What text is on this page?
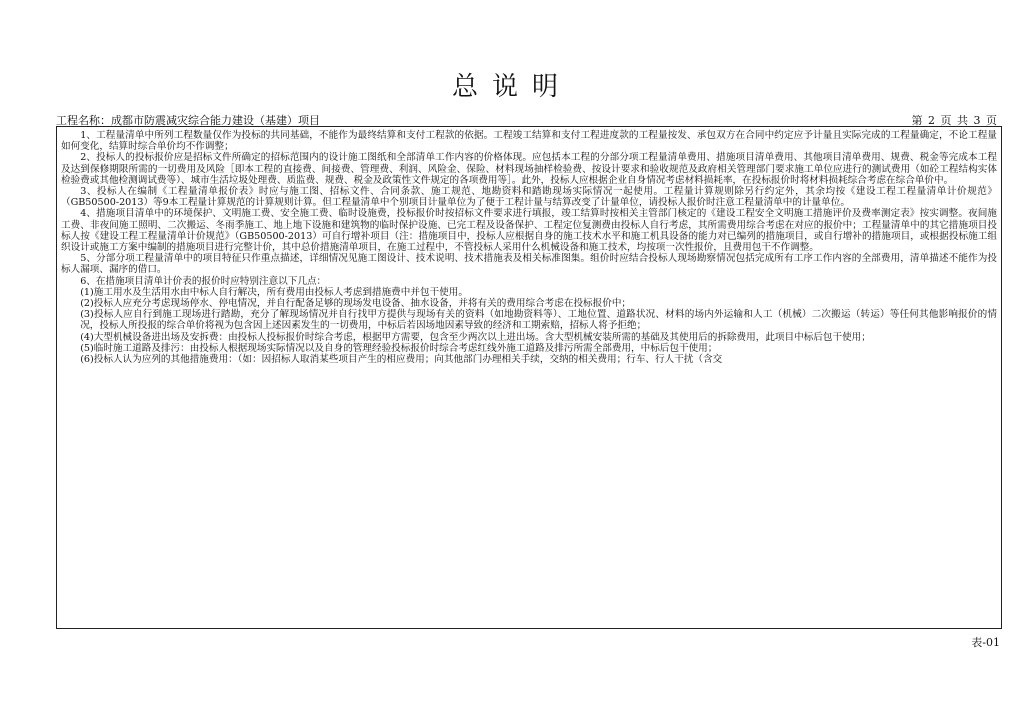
总说明
工程名称：成都市防震减灾综合能力建设（基建）项目	第 2 页 共 3 页

1、工程量清单中所列工程数量仅作为投标的共同基础，不能作为最终结算和支付工程款的依据。工程竣工结算和支付工程进度款的工程量按发、承包双方在合同中约定应予计量且实际完成的工程量确定，不论工程量如何变化，结算时综合单价均不作调整；

2、投标人的投标报价应是招标文件所确定的招标范围内的设计施工图纸和全部清单工作内容的价格体现。应包括本工程的分部分项工程量清单费用、措施项目清单费用、其他项目清单费用、规费、税金等完成本工程及达到保修期限所需的一切费用及风险［即本工程的直接费、间接费、管理费、利润、风险金、保险、材料现场抽样检验费、按设计要求和验收规范及政府相关管理部门要求施工单位应进行的测试费用（如砼工程结构实体检验费或其他检测调试费等）、城市生活垃圾处理费、质监费、规费、税金及政策性文件规定的各项费用等］。此外，投标人应根据企业自身情况考虑材料损耗率，在投标报价时将材料损耗综合考虑在综合单价中。

3、投标人在编制《工程量清单报价表》时应与施工图、招标文件、合同条款、施工规范、地勘资料和踏勘现场实际情况一起使用。工程量计算规则除另行约定外，其余均按《建设工程工程量清单计价规范》（GB50500-2013）等9本工程量计算规范的计算规则计算。但工程量清单中个别项目计量单位为了便于工程计量与结算改变了计量单位，请投标人报价时注意工程量清单中的计量单位。

4、措施项目清单中的环境保护、文明施工费、安全施工费、临时设施费，投标报价时按招标文件要求进行填报，竣工结算时按相关主管部门核定的《建设工程安全文明施工措施评价及费率测定表》按实调整。夜间施工费、非夜间施工照明、二次搬运、冬雨季施工、地上地下设施和建筑物的临时保护设施、已完工程及设备保护、工程定位复测费由投标人自行考虑，其所需费用综合考虑在对应的报价中；工程量清单中的其它措施项目投标人按《建设工程工程量清单计价规范》（GB50500-2013）可自行增补项目（注：措施项目中，投标人应根据自身的施工技术水平和施工机具设备的能力对已编列的措施项目，或自行增补的措施项目，或根据投标施工组织设计或施工方案中编制的措施项目进行完整计价，其中总价措施清单项目，在施工过程中，不管投标人采用什么机械设备和施工技术，均按项一次性报价，且费用包干不作调整。

5、分部分项工程量清单中的项目特征只作重点描述，详细情况见施工图设计、技术说明、技术措施表及相关标准图集。组价时应结合投标人现场勘察情况包括完成所有工序工作内容的全部费用，清单描述不能作为投标人漏项、漏序的借口。

6、在措施项目清单计价表的报价时应特别注意以下几点：

(1)施工用水及生活用水由中标人自行解决，所有费用由投标人考虑到措施费中并包干使用。

(2)投标人应充分考虑现场停水、停电情况，并自行配备足够的现场发电设备、抽水设备，并将有关的费用综合考虑在投标报价中；

(3)投标人应自行到施工现场进行踏勘，充分了解现场情况并自行找甲方提供与现场有关的资料（如地勘资料等）、工地位置、道路状况、材料的场内外运输和人工（机械）二次搬运（转运）等任何其他影响报价的情况，投标人所投报的综合单价将视为包含因上述因素发生的一切费用，中标后若因场地因素导致的经济和工期索赔，招标人将予拒绝；

(4)大型机械设备进出场及安拆费：由投标人投标报价时综合考虑，根据甲方需要，包含至少两次以上进出场。含大型机械安装所需的基础及其使用后的拆除费用，此项目中标后包干使用；

(5)临时施工道路及排污：由投标人根据现场实际情况以及自身的管理经验投标报价时综合考虑红线外施工道路及排污所需全部费用，中标后包干使用；

(6)投标人认为应列的其他措施费用：（如：因招标人取消某些项目产生的相应费用；向其他部门办理相关手续，交纳的相关费用；行车、行人干扰（含交

表-01
